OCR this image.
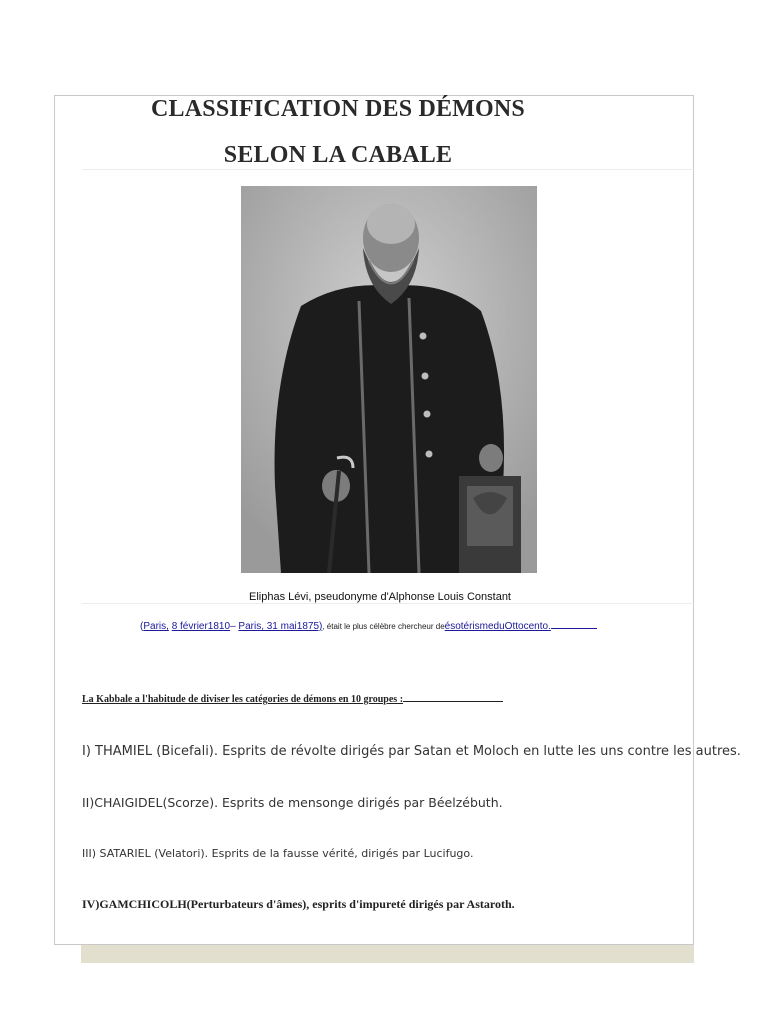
CLASSIFICATION DES DÉMONS
SELON LA CABALE
Eliphas Lévi, pseudonyme d'Alphonse Louis Constant
(Paris, 8 février1810– Paris, 31 mai1875), était le plus célèbre chercheur deésotérismeduOttocento.
La Kabbale a l'habitude de diviser les catégories de démons en 10 groupes :
I) THAMIEL (Bicefali). Esprits de révolte dirigés par Satan et Moloch en lutte les uns contre les autres.
II)CHAIGIDEL(Scorze). Esprits de mensonge dirigés par Béelzébuth.
III) SATARIEL (Velatori). Esprits de la fausse vérité, dirigés par Lucifugo.
IV)GAMCHICOLH(Perturbateurs d'âmes), esprits d'impureté dirigés par Astaroth.
